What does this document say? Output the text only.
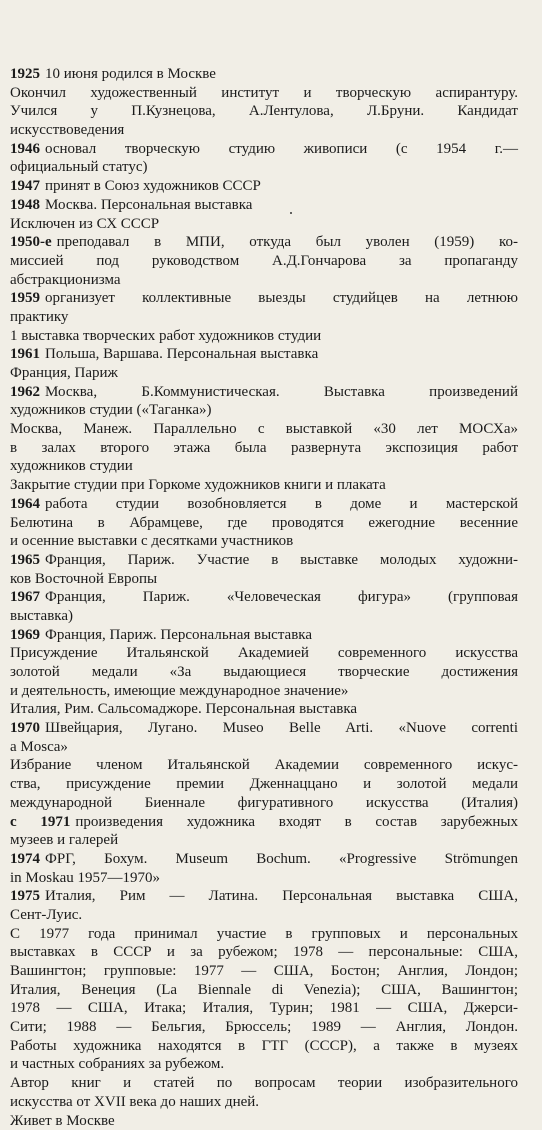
1925 10 июня родился в Москве
Окончил художественный институт и творческую аспирантуру.
Учился у П.Кузнецова, А.Лентулова, Л.Бруни. Кандидат
искусствоведения
1946 основал творческую студию живописи (с 1954 г.—
официальный статус)
1947 принят в Союз художников СССР
1948 Москва. Персональная выставка
Исключен из СХ СССР
1950-е преподавал в МПИ, откуда был уволен (1959) ко-
миссией под руководством А.Д.Гончарова за пропаганду
абстракционизма
1959 организует коллективные выезды студийцев на летнюю
практику
1 выставка творческих работ художников студии
1961 Польша, Варшава. Персональная выставка
Франция, Париж
1962 Москва, Б.Коммунистическая. Выставка произведений
художников студии («Таганка»)
Москва, Манеж. Параллельно с выставкой «30 лет МОСХа»
в залах второго этажа была развернута экспозиция работ
художников студии
Закрытие студии при Горкоме художников книги и плаката
1964 работа студии возобновляется в доме и мастерской
Белютина в Абрамцеве, где проводятся ежегодние весенние
и осенние выставки с десятками участников
1965 Франция, Париж. Участие в выставке молодых художни-
ков Восточной Европы
1967 Франция, Париж. «Человеческая фигура» (групповая
выставка)
1969 Франция, Париж. Персональная выставка
Присуждение Итальянской Академией современного искусства
золотой медали «За выдающиеся творческие достижения
и деятельность, имеющие международное значение»
Италия, Рим. Сальсомаджоре. Персональная выставка
1970 Швейцария, Лугано. Museo Belle Arti. «Nuove correnti
a Mosca»
Избрание членом Итальянской Академии современного искус-
ства, присуждение премии Дженнаццано и золотой медали
международной Биеннале фигуративного искусства (Италия)
с 1971 произведения художника входят в состав зарубежных
музеев и галерей
1974 ФРГ, Бохум. Museum Bochum. «Progressive Strömungen
in Moskau 1957—1970»
1975 Италия, Рим — Латина. Персональная выставка США,
Сент-Луис.
С 1977 года принимал участие в групповых и персональных
выставках в СССР и за рубежом; 1978 — персональные: США,
Вашингтон; групповые: 1977 — США, Бостон; Англия, Лондон;
Италия, Венеция (La Biennale di Venezia); США, Вашингтон;
1978 — США, Итака; Италия, Турин; 1981 — США, Джерси-
Сити; 1988 — Бельгия, Брюссель; 1989 — Англия, Лондон.
Работы художника находятся в ГТГ (СССР), а также в музеях
и частных собраниях за рубежом.
Автор книг и статей по вопросам теории изобразительного
искусства от XVII века до наших дней.
Живет в Москве
